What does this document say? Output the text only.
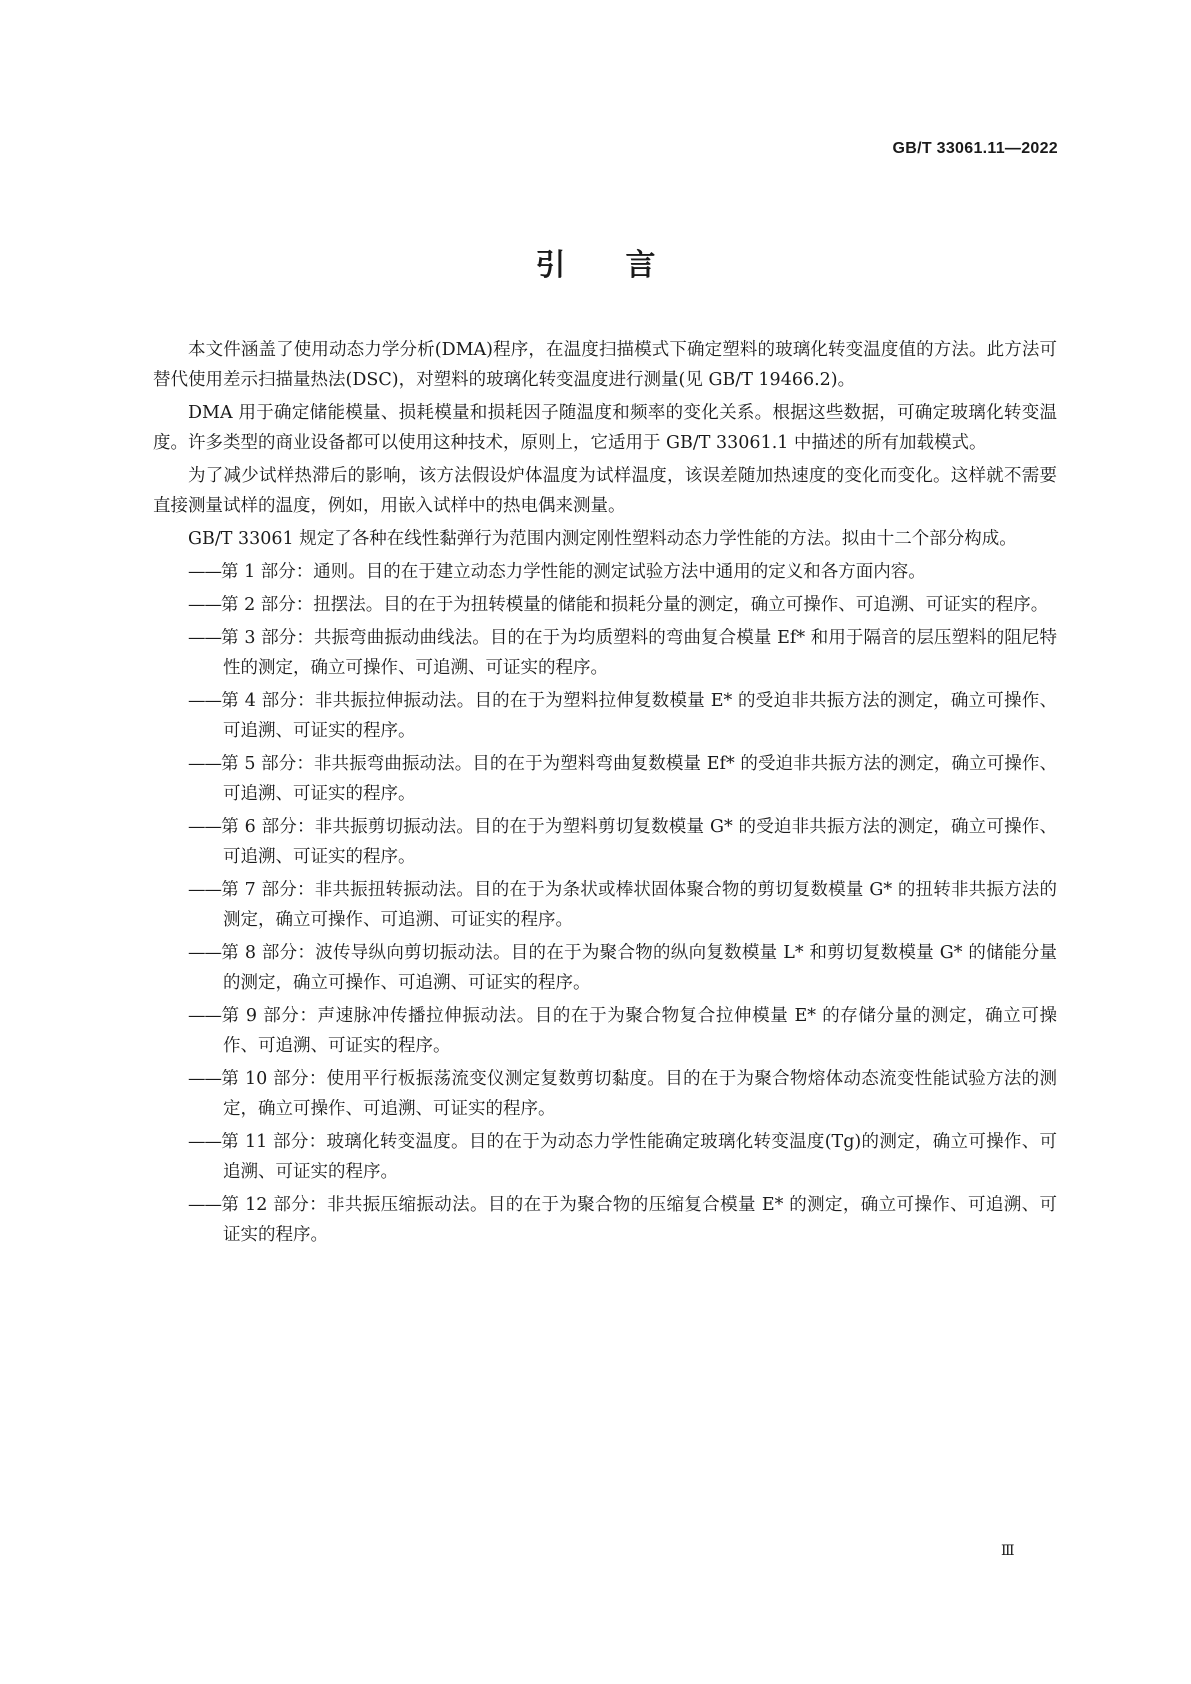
GB/T 33061.11—2022
引言

本文件涵盖了使用动态力学分析(DMA)程序，在温度扫描模式下确定塑料的玻璃化转变温度值的方法。此方法可替代使用差示扫描量热法(DSC)，对塑料的玻璃化转变温度进行测量(见 GB/T 19466.2)。

DMA 用于确定储能模量、损耗模量和损耗因子随温度和频率的变化关系。根据这些数据，可确定玻璃化转变温度。许多类型的商业设备都可以使用这种技术，原则上，它适用于 GB/T 33061.1 中描述的所有加载模式。

为了减少试样热滞后的影响，该方法假设炉体温度为试样温度，该误差随加热速度的变化而变化。这样就不需要直接测量试样的温度，例如，用嵌入试样中的热电偶来测量。

GB/T 33061 规定了各种在线性黏弹行为范围内测定刚性塑料动态力学性能的方法。拟由十二个部分构成。

——第 1 部分：通则。目的在于建立动态力学性能的测定试验方法中通用的定义和各方面内容。
——第 2 部分：扭摆法。目的在于为扭转模量的储能和损耗分量的测定，确立可操作、可追溯、可证实的程序。
——第 3 部分：共振弯曲振动曲线法。目的在于为均质塑料的弯曲复合模量 Ef* 和用于隔音的层压塑料的阻尼特性的测定，确立可操作、可追溯、可证实的程序。
——第 4 部分：非共振拉伸振动法。目的在于为塑料拉伸复数模量 E* 的受迫非共振方法的测定，确立可操作、可追溯、可证实的程序。
——第 5 部分：非共振弯曲振动法。目的在于为塑料弯曲复数模量 Ef* 的受迫非共振方法的测定，确立可操作、可追溯、可证实的程序。
——第 6 部分：非共振剪切振动法。目的在于为塑料剪切复数模量 G* 的受迫非共振方法的测定，确立可操作、可追溯、可证实的程序。
——第 7 部分：非共振扭转振动法。目的在于为条状或棒状固体聚合物的剪切复数模量 G* 的扭转非共振方法的测定，确立可操作、可追溯、可证实的程序。
——第 8 部分：波传导纵向剪切振动法。目的在于为聚合物的纵向复数模量 L* 和剪切复数模量 G* 的储能分量的测定，确立可操作、可追溯、可证实的程序。
——第 9 部分：声速脉冲传播拉伸振动法。目的在于为聚合物复合拉伸模量 E* 的存储分量的测定，确立可操作、可追溯、可证实的程序。
——第 10 部分：使用平行板振荡流变仪测定复数剪切黏度。目的在于为聚合物熔体动态流变性能试验方法的测定，确立可操作、可追溯、可证实的程序。
——第 11 部分：玻璃化转变温度。目的在于为动态力学性能确定玻璃化转变温度(Tg)的测定，确立可操作、可追溯、可证实的程序。
——第 12 部分：非共振压缩振动法。目的在于为聚合物的压缩复合模量 E* 的测定，确立可操作、可追溯、可证实的程序。
Ⅲ
